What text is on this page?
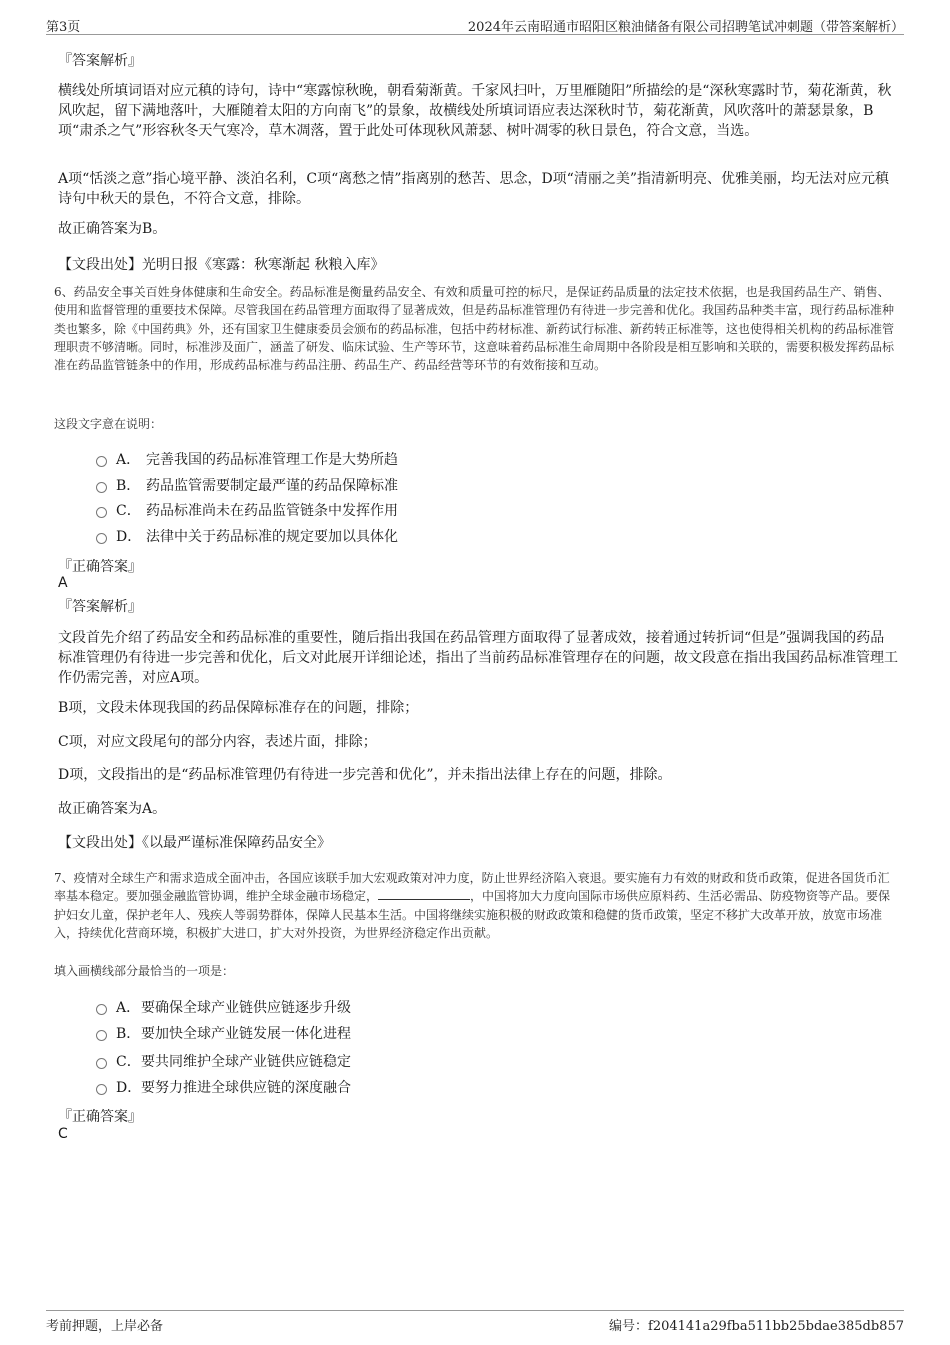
第3页	2024年云南昭通市昭阳区粮油储备有限公司招聘笔试冲刺题（带答案解析）
『答案解析』
横线处所填词语对应元稹的诗句，诗中“寒露惊秋晚，朝看菊渐黄。千家风扫叶，万里雁随阳”所描绘的是“深秋寒露时节，菊花渐黄，秋风吹起，留下满地落叶，大雁随着太阳的方向南飞”的景象，故横线处所填词语应表达深秋时节，菊花渐黄，风吹落叶的萧瑟景象，B项“肃杀之气”形容秋冬天气寒冷，草木凋落，置于此处可体现秋风萧瑟、树叶凋零的秋日景色，符合文意，当选。
A项“恬淡之意”指心境平静、淡泊名利，C项“离愁之情”指离别的愁苦、思念，D项“清丽之美”指清新明亮、优雅美丽，均无法对应元稹诗句中秋天的景色，不符合文意，排除。
故正确答案为B。
【文段出处】光明日报《寒露：秋寒渐起 秋粮入库》
6、药品安全事关百姓身体健康和生命安全。药品标准是衡量药品安全、有效和质量可控的标尺，是保证药品质量的法定技术依据，也是我国药品生产、销售、使用和监督管理的重要技术保障。尽管我国在药品管理方面取得了显著成效，但是药品标准管理仍有待进一步完善和优化。我国药品种类丰富，现行药品标准种类也繁多，除《中国药典》外，还有国家卫生健康委员会颁布的药品标准，包括中药材标准、新药试行标准、新药转正标准等，这也使得相关机构的药品标准管理职责不够清晰。同时，标准涉及面广，涵盖了研发、临床试验、生产等环节，这意味着药品标准生命周期中各阶段是相互影响和关联的，需要积极发挥药品标准在药品监管链条中的作用，形成药品标准与药品注册、药品生产、药品经营等环节的有效衔接和互动。
这段文字意在说明：
A． 完善我国的药品标准管理工作是大势所趋
B． 药品监管需要制定最严谨的药品保障标准
C． 药品标准尚未在药品监管链条中发挥作用
D． 法律中关于药品标准的规定要加以具体化
『正确答案』
A
『答案解析』
文段首先介绍了药品安全和药品标准的重要性，随后指出我国在药品管理方面取得了显著成效，接着通过转折词“但是”强调我国的药品标准管理仍有待进一步完善和优化，后文对此展开详细论述，指出了当前药品标准管理存在的问题，故文段意在指出我国药品标准管理工作仍需完善，对应A项。
B项，文段未体现我国的药品保障标准存在的问题，排除；
C项，对应文段尾句的部分内容，表述片面，排除；
D项，文段指出的是“药品标准管理仍有待进一步完善和优化”，并未指出法律上存在的问题，排除。
故正确答案为A。
【文段出处】《以最严谨标准保障药品安全》
7、疫情对全球生产和需求造成全面冲击，各国应该联手加大宏观政策对冲力度，防止世界经济陷入衰退。要实施有力有效的财政和货币政策，促进各国货币汇率基本稳定。要加强金融监管协调，维护全球金融市场稳定，	，中国将加大力度向国际市场供应原料药、生活必需品、防疫物资等产品。要保护妇女儿童，保护老年人、残疾人等弱势群体，保障人民基本生活。中国将继续实施积极的财政政策和稳健的货币政策，坚定不移扩大改革开放，放宽市场准入，持续优化营商环境，积极扩大进口，扩大对外投资，为世界经济稳定作出贡献。
填入画横线部分最恰当的一项是：
A． 要确保全球产业链供应链逐步升级
B． 要加快全球产业链发展一体化进程
C． 要共同维护全球产业链供应链稳定
D． 要努力推进全球供应链的深度融合
『正确答案』
C
考前押题，上岸必备	编号：f204141a29fba511bb25bdae385db857
